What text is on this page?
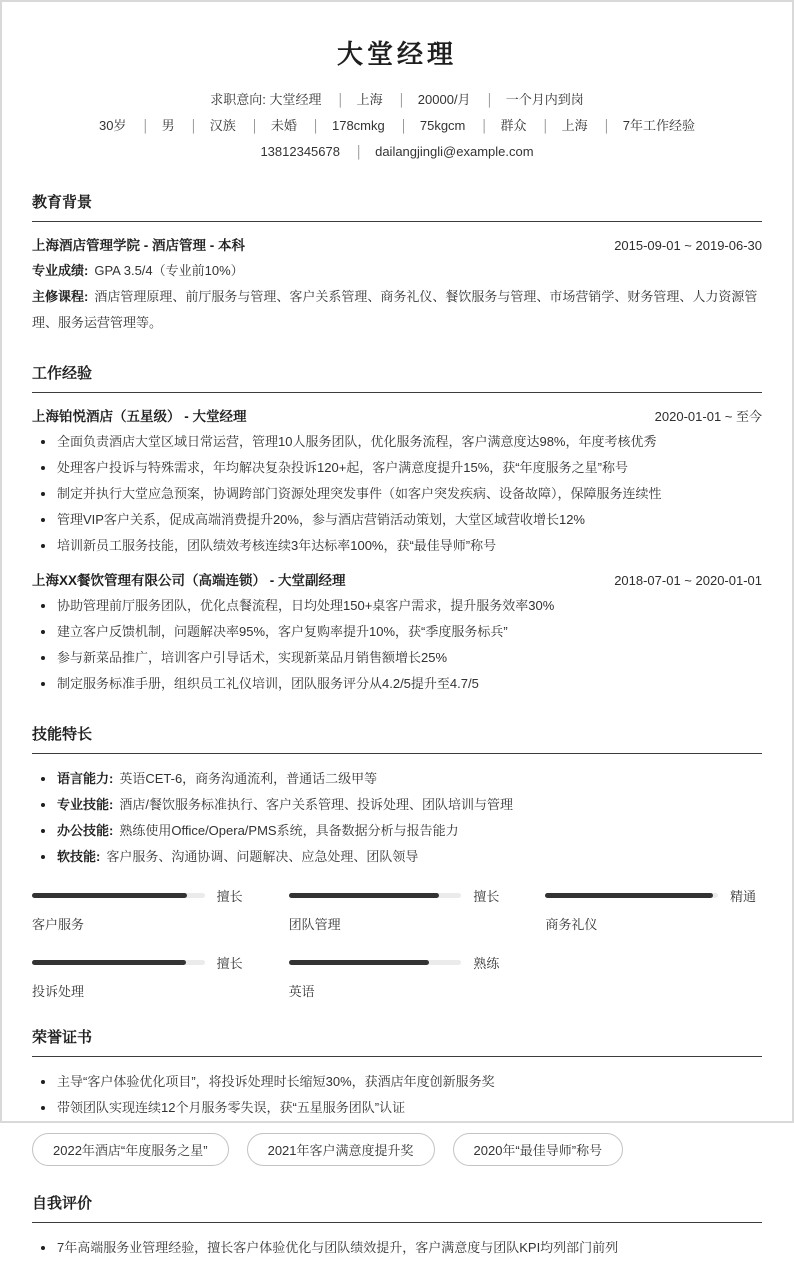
大堂经理
求职意向: 大堂经理	│ 上海	│ 20000/月	│ 一个月内到岗
30岁	│ 男	│ 汉族	│ 未婚	│ 178cmkg	│ 75kgcm	│ 群众	│ 上海	│ 7年工作经验
13812345678	│ dailangjingli@example.com
教育背景
上海酒店管理学院 - 酒店管理 - 本科	2015-09-01 ~ 2019-06-30

专业成绩: GPA 3.5/4（专业前10%）

主修课程: 酒店管理原理、前厅服务与管理、客户关系管理、商务礼仪、餐饮服务与管理、市场营销学、财务管理、人力资源管理、服务运营管理等。

工作经验
上海铂悦酒店（五星级） - 大堂经理	2020-01-01 ~ 至今
全面负责酒店大堂区域日常运营，管理10人服务团队，优化服务流程，客户满意度达98%，年度考核优秀
处理客户投诉与特殊需求，年均解决复杂投诉120+起，客户满意度提升15%，获“年度服务之星”称号
制定并执行大堂应急预案，协调跨部门资源处理突发事件（如客户突发疾病、设备故障），保障服务连续性
管理VIP客户关系，促成高端消费提升20%，参与酒店营销活动策划，大堂区域营收增长12%
培训新员工服务技能，团队绩效考核连续3年达标率100%，获“最佳导师”称号
上海XX餐饮管理有限公司（高端连锁） - 大堂副经理	2018-07-01 ~ 2020-01-01
协助管理前厅服务团队，优化点餐流程，日均处理150+桌客户需求，提升服务效率30%
建立客户反馈机制，问题解决率95%，客户复购率提升10%，获“季度服务标兵”
参与新菜品推广，培训客户引导话术，实现新菜品月销售额增长25%
制定服务标准手册，组织员工礼仪培训，团队服务评分从4.2/5提升至4.7/5
技能特长
语言能力: 英语CET-6，商务沟通流利，普通话二级甲等
专业技能: 酒店/餐饮服务标准执行、客户关系管理、投诉处理、团队培训与管理
办公技能: 熟练使用Office/Opera/PMS系统，具备数据分析与报告能力
软技能: 客户服务、沟通协调、问题解决、应急处理、团队领导
擅长
客户服务
擅长
团队管理
精通
商务礼仪
擅长
投诉处理
熟练
英语
荣誉证书
主导“客户体验优化项目”，将投诉处理时长缩短30%，获酒店年度创新服务奖
带领团队实现连续12个月服务零失误，获“五星服务团队”认证
2022年酒店“年度服务之星”	2021年客户满意度提升奖	2020年“最佳导师”称号
自我评价
7年高端服务业管理经验，擅长客户体验优化与团队绩效提升，客户满意度与团队KPI均列部门前列
